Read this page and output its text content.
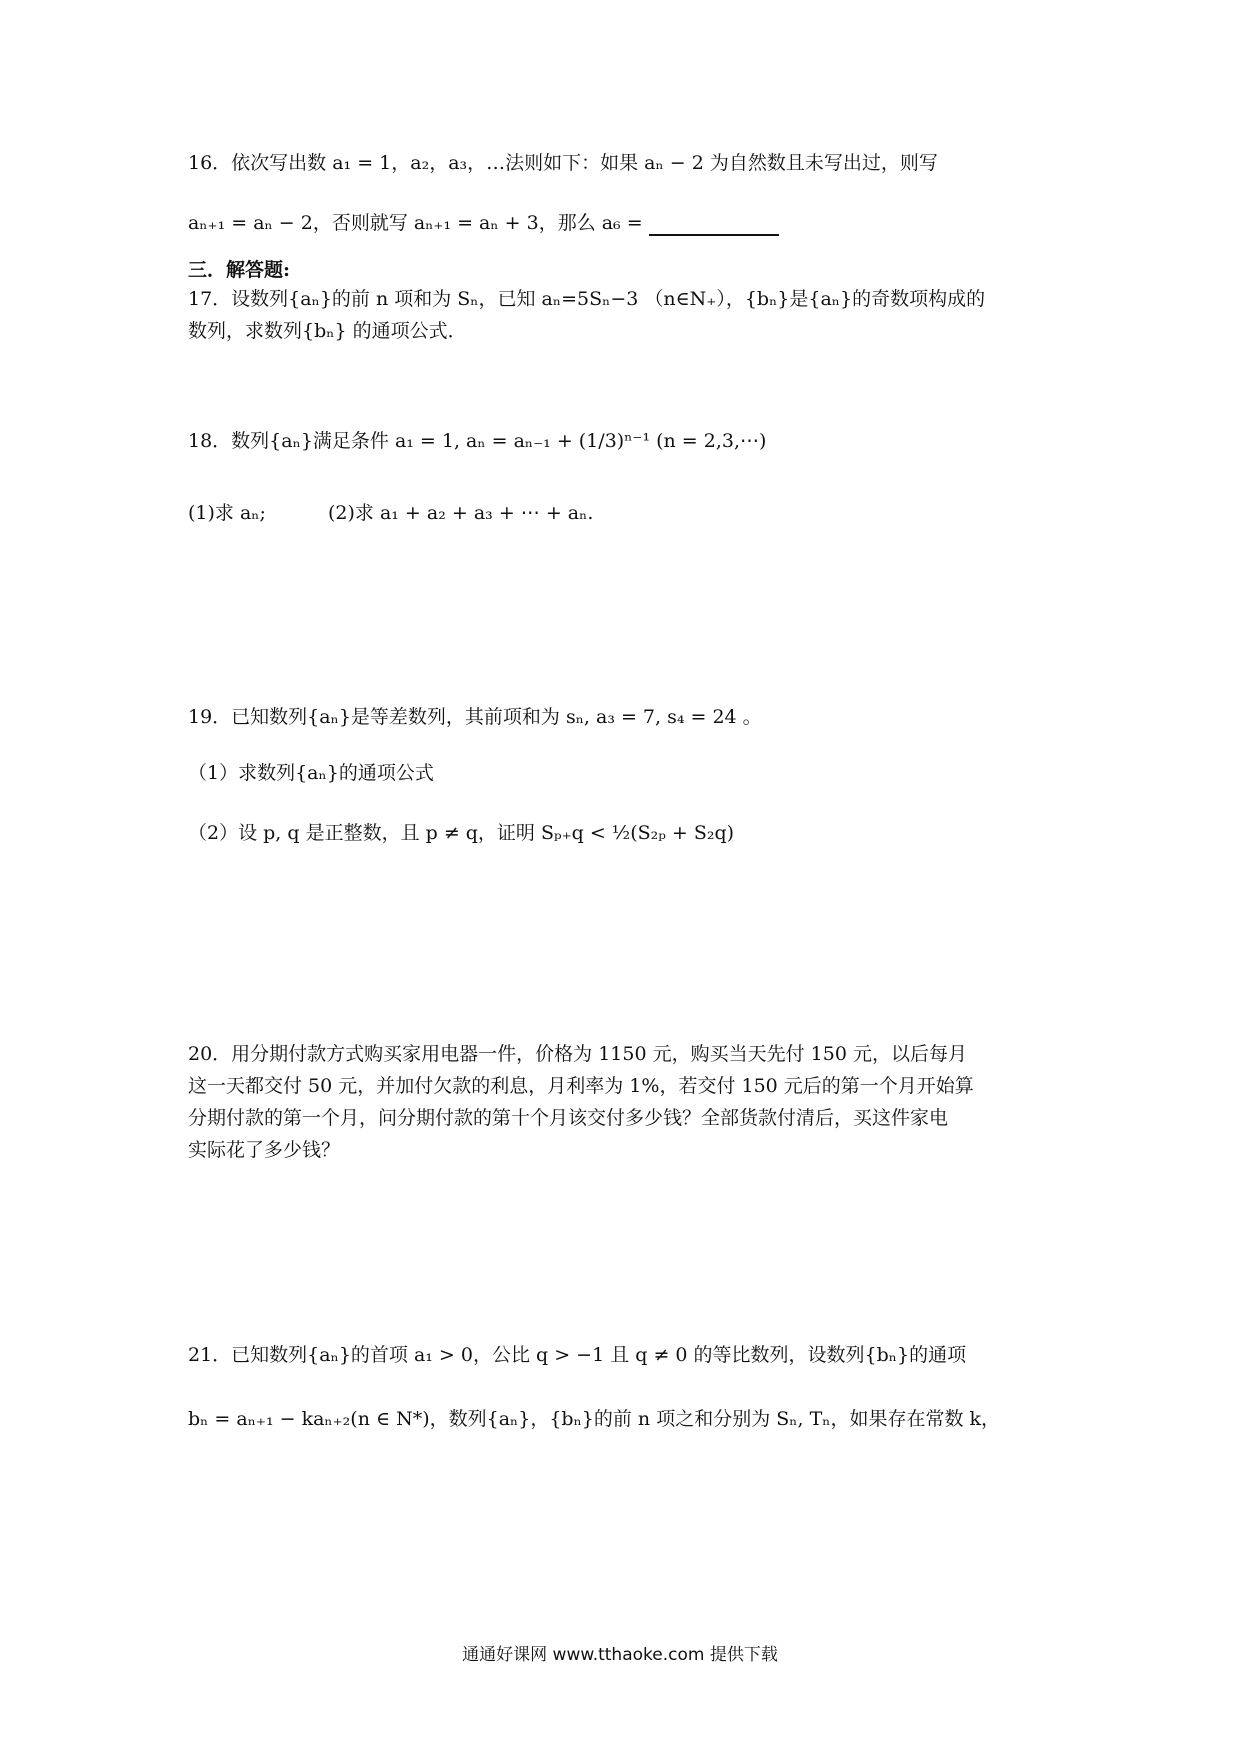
16．依次写出数 a₁ = 1，a₂，a₃，…法则如下：如果 aₙ − 2 为自然数且未写出过，则写
aₙ₊₁ = aₙ − 2，否则就写 aₙ₊₁ = aₙ + 3，那么 a₆ =
三．解答题:
17．设数列{aₙ}的前 n 项和为 Sₙ，已知 aₙ=5Sₙ−3 （n∈N₊），{bₙ}是{aₙ}的奇数项构成的
数列，求数列{bₙ} 的通项公式．
18．数列{aₙ}满足条件 a₁ = 1, aₙ = aₙ₋₁ + (1/3)ⁿ⁻¹ (n = 2,3,⋯)
(1)求 aₙ;	(2)求 a₁ + a₂ + a₃ + ⋯ + aₙ.
19．已知数列{aₙ}是等差数列，其前项和为 sₙ, a₃ = 7, s₄ = 24 。
（1）求数列{aₙ}的通项公式
（2）设 p, q 是正整数，且 p ≠ q，证明 Sₚ₊q < ½(S₂ₚ + S₂q)
20．用分期付款方式购买家用电器一件，价格为 1150 元，购买当天先付 150 元，以后每月
这一天都交付 50 元，并加付欠款的利息，月利率为 1%，若交付 150 元后的第一个月开始算
分期付款的第一个月，问分期付款的第十个月该交付多少钱？全部货款付清后，买这件家电
实际花了多少钱？
21．已知数列{aₙ}的首项 a₁ > 0，公比 q > −1 且 q ≠ 0 的等比数列，设数列{bₙ}的通项
bₙ = aₙ₊₁ − kaₙ₊₂(n ∈ N*)，数列{aₙ}，{bₙ}的前 n 项之和分别为 Sₙ, Tₙ，如果存在常数 k，
通通好课网 www.tthaoke.com 提供下载
